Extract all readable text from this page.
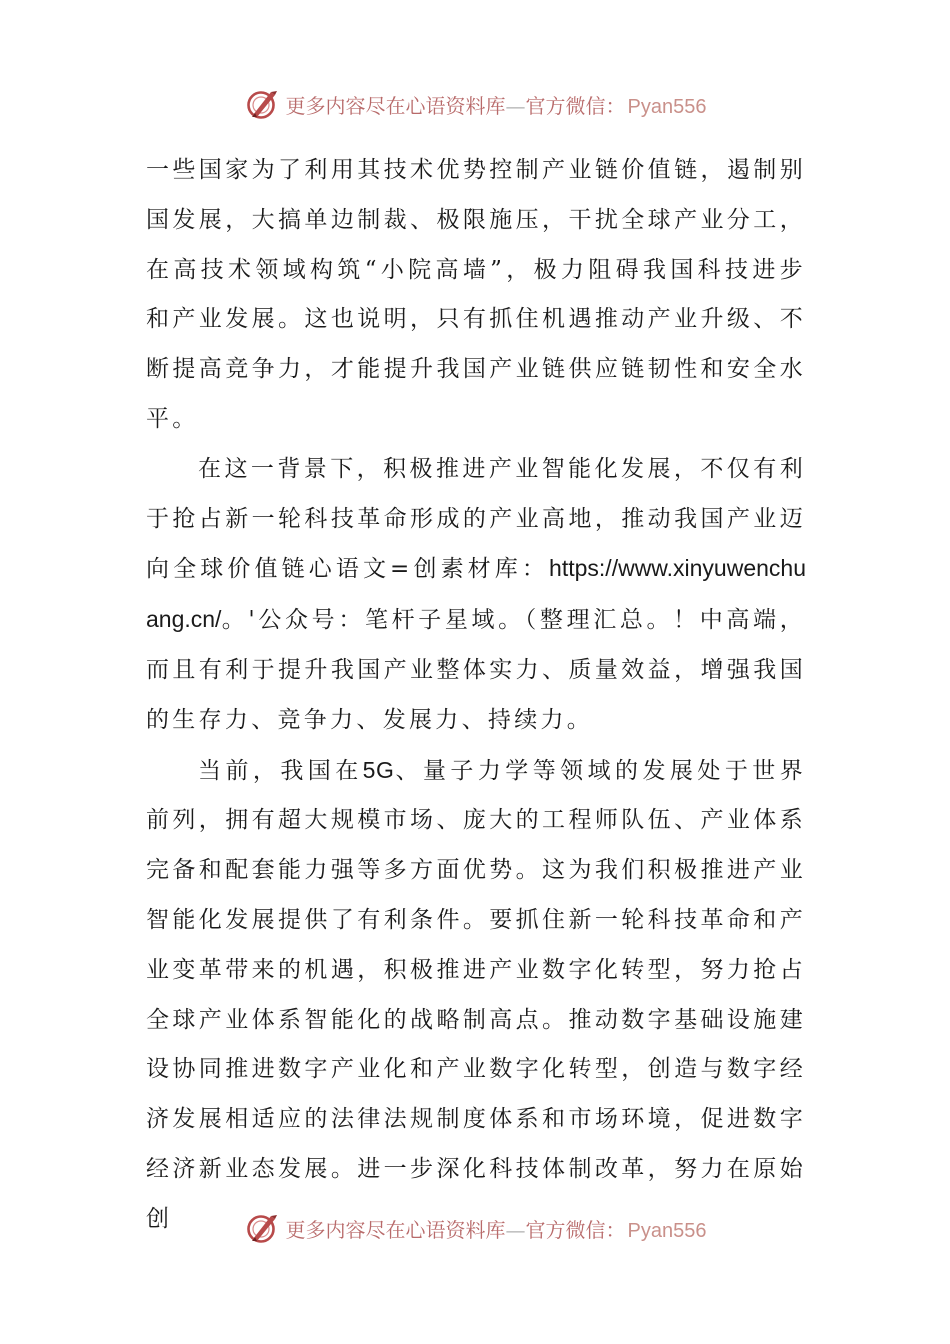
更多内容尽在心语资料库—官方微信： Pyan556

一些国家为了利用其技术优势控制产业链价值链，遏制别国发展，大搞单边制裁、极限施压，干扰全球产业分工，在高技术领域构筑“小院高墙”，极力阻碍我国科技进步和产业发展。这也说明，只有抓住机遇推动产业升级、不断提高竞争力，才能提升我国产业链供应链韧性和安全水平。

在这一背景下，积极推进产业智能化发展，不仅有利于抢占新一轮科技革命形成的产业高地，推动我国产业迈向全球价值链心语文=创素材库：https://www.xinyuwenchuang.cn/。'公众号：笔杆子星域。（整理汇总。！中高端，而且有利于提升我国产业整体实力、质量效益，增强我国的生存力、竞争力、发展力、持续力。

当前，我国在5G、量子力学等领域的发展处于世界前列，拥有超大规模市场、庞大的工程师队伍、产业体系完备和配套能力强等多方面优势。这为我们积极推进产业智能化发展提供了有利条件。要抓住新一轮科技革命和产业变革带来的机遇，积极推进产业数字化转型，努力抢占全球产业体系智能化的战略制高点。推动数字基础设施建设协同推进数字产业化和产业数字化转型，创造与数字经济发展相适应的法律法规制度体系和市场环境，促进数字经济新业态发展。进一步深化科技体制改革，努力在原始创	更多内容尽在心语资料库—官方微信： Pyan556
